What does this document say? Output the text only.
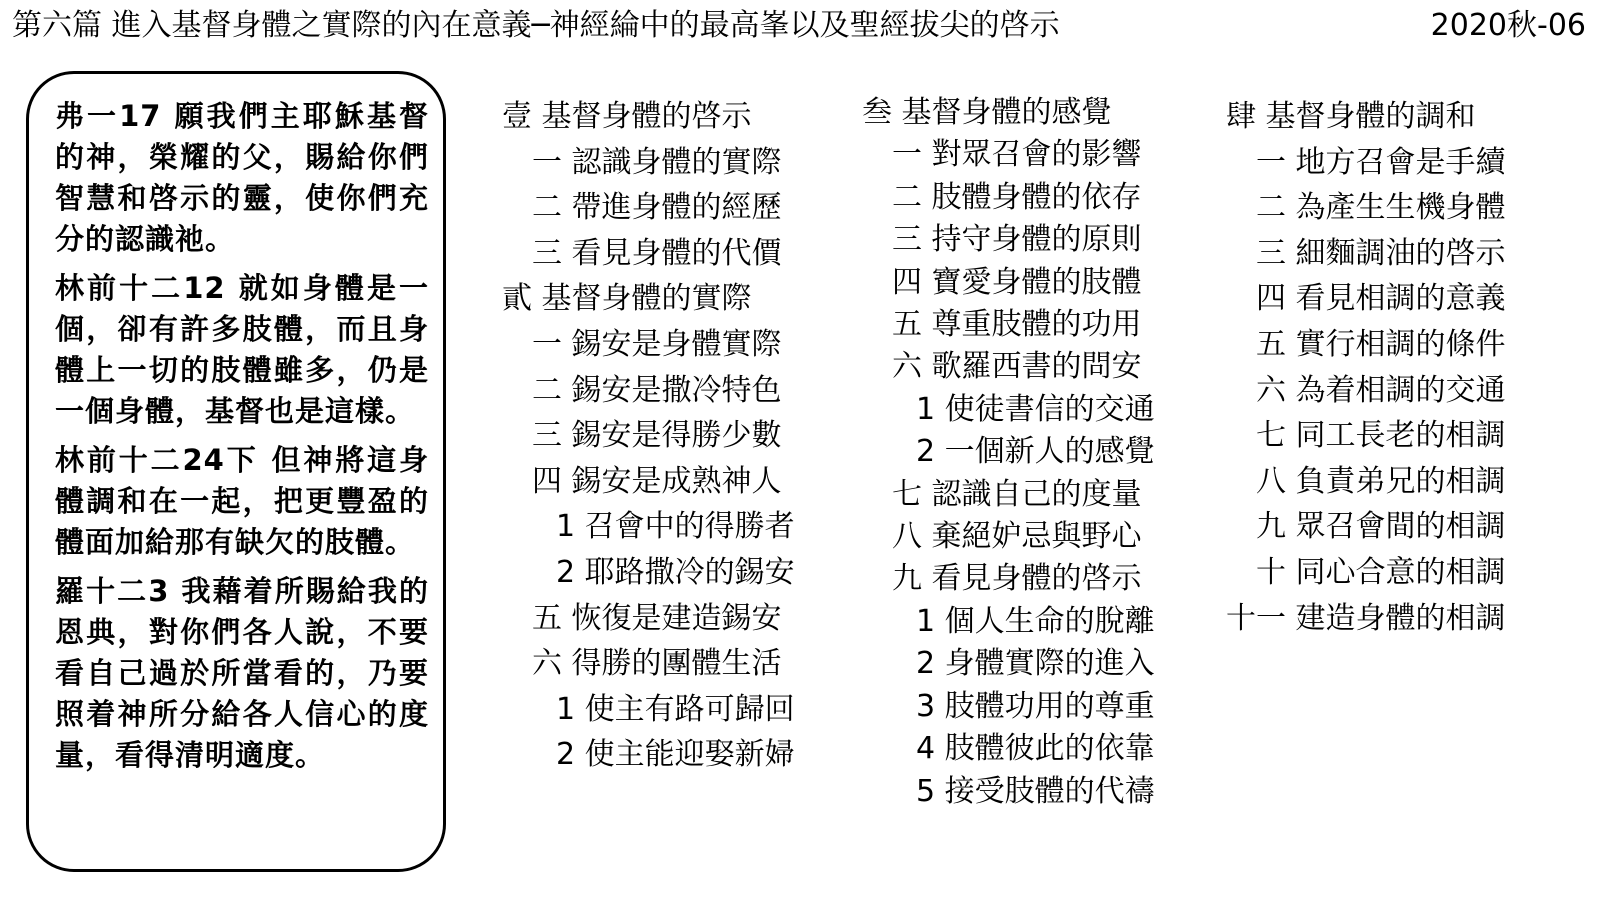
第六篇 進入基督身體之實際的內在意義─神經綸中的最高峯以及聖經拔尖的啓示	2020秋-06
弗一17 願我們主耶穌基督的神，榮耀的父，賜給你們智慧和啓示的靈，使你們充分的認識祂。
林前十二12 就如身體是一個，卻有許多肢體，而且身體上一切的肢體雖多，仍是一個身體，基督也是這樣。
林前十二24下 但神將這身體調和在一起，把更豐盈的體面加給那有缺欠的肢體。
羅十二3 我藉着所賜給我的恩典，對你們各人說，不要看自己過於所當看的，乃要照着神所分給各人信心的度量，看得清明適度。
壹 基督身體的啓示
一 認識身體的實際
二 帶進身體的經歷
三 看見身體的代價
貳 基督身體的實際
一 錫安是身體實際
二 錫安是撒冷特色
三 錫安是得勝少數
四 錫安是成熟神人
1 召會中的得勝者
2 耶路撒冷的錫安
五 恢復是建造錫安
六 得勝的團體生活
1 使主有路可歸回
2 使主能迎娶新婦
叁 基督身體的感覺
一 對眾召會的影響
二 肢體身體的依存
三 持守身體的原則
四 寶愛身體的肢體
五 尊重肢體的功用
六 歌羅西書的問安
1 使徒書信的交通
2 一個新人的感覺
七 認識自己的度量
八 棄絕妒忌與野心
九 看見身體的啓示
1 個人生命的脫離
2 身體實際的進入
3 肢體功用的尊重
4 肢體彼此的依靠
5 接受肢體的代禱
肆 基督身體的調和
一 地方召會是手續
二 為產生生機身體
三 細麵調油的啓示
四 看見相調的意義
五 實行相調的條件
六 為着相調的交通
七 同工長老的相調
八 負責弟兄的相調
九 眾召會間的相調
十 同心合意的相調
十一 建造身體的相調
